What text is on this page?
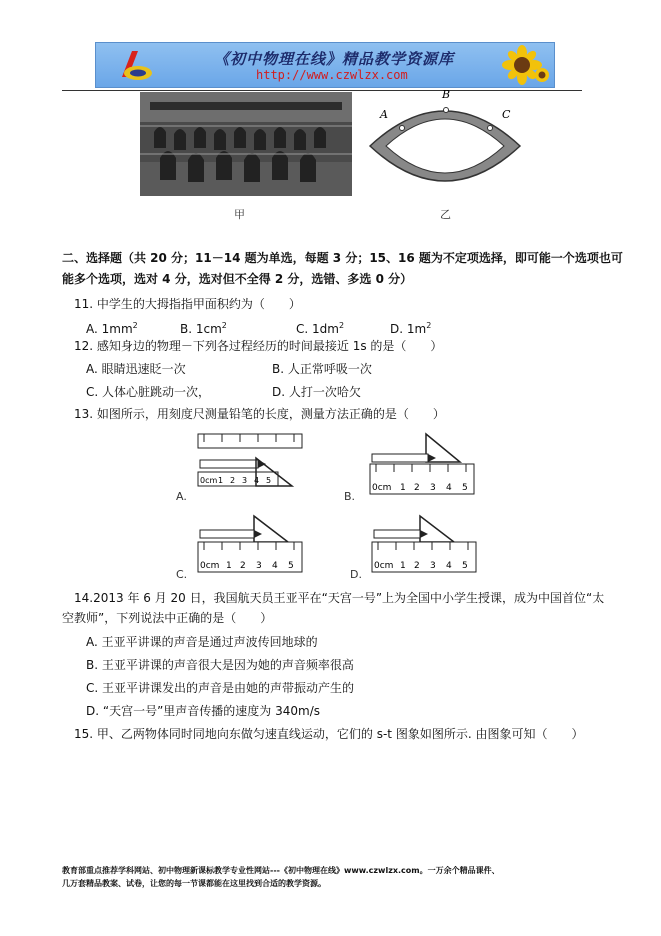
《初中物理在线》精品教学资源库
http://www.czwlzx.com
甲
A
B
C
乙
二、选择题（共 20 分；11－14 题为单选，每题 3 分；15、16 题为不定项选择，即可能一个选项也可
能多个选项，选对 4 分，选对但不全得 2 分，选错、多选 0 分）
11. 中学生的大拇指指甲面积约为（　　）
A. $1mm^2$	B. $1cm^2$	C. $1dm^2$	D. $1m^2$
12. 感知身边的物理－下列各过程经历的时间最接近 1s 的是（　　）
A. 眼睛迅速眨一次	B. 人正常呼吸一次
C. 人体心脏跳动一次，	D. 人打一次哈欠
13. 如图所示，用刻度尺测量铅笔的长度，测量方法正确的是（　　）
0cm 1 2 3 4 5
A.
0cm 1 2 3 4 5
B.
0cm 1 2 3 4 5
C.
0cm 1 2 3 4 5
D.
14.2013 年 6 月 20 日，我国航天员王亚平在“天宫一号”上为全国中小学生授课，成为中国首位“太
空教师”，下列说法中正确的是（　　）
A. 王亚平讲课的声音是通过声波传回地球的
B. 王亚平讲课的声音很大是因为她的声音频率很高
C. 王亚平讲课发出的声音是由她的声带振动产生的
D. “天宫一号”里声音传播的速度为 340m/s
15. 甲、乙两物体同时同地向东做匀速直线运动，它们的 s-t 图象如图所示. 由图象可知（　　）
教育部重点推荐学科网站、初中物理新课标教学专业性网站---《初中物理在线》www.czwlzx.com。一万余个精品课件、
几万套精品教案、试卷，让您的每一节课都能在这里找到合适的教学资源。
